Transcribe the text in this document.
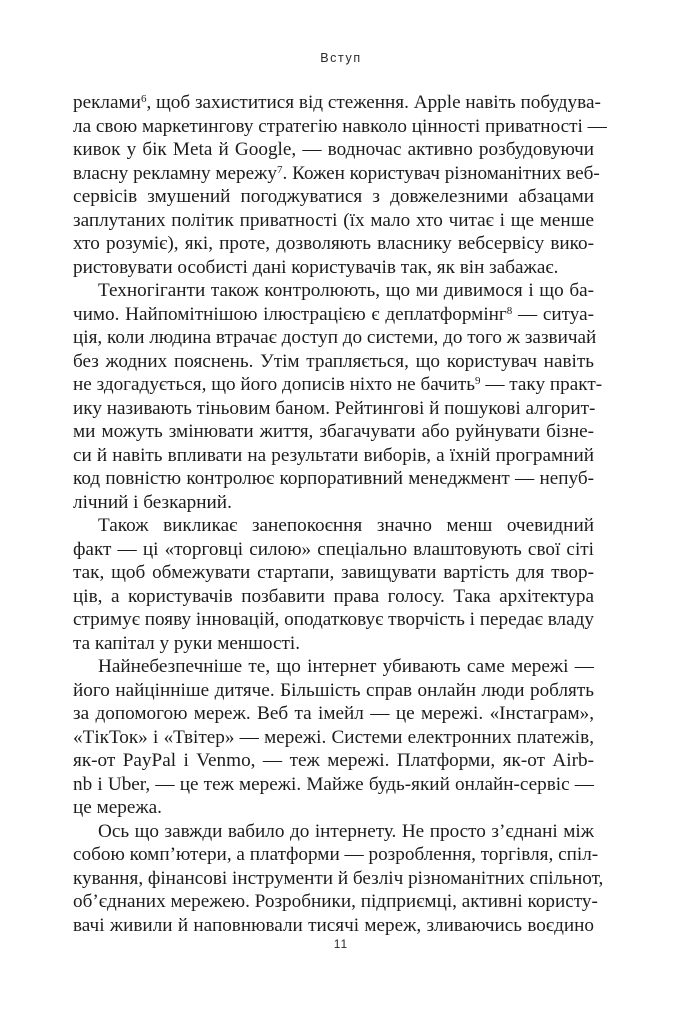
Вступ
реклами$^6$, щоб захиститися від стеження. Apple навіть побудува-
ла свою маркетингову стратегію навколо цінності приватності —
кивок у бік Meta й Google, — водночас активно розбудовуючи
власну рекламну мережу$^7$. Кожен користувач різноманітних веб-
сервісів змушений погоджуватися з довжелезними абзацами
заплутаних політик приватності (їх мало хто читає і ще менше
хто розуміє), які, проте, дозволяють власнику вебсервісу вико-
ристовувати особисті дані користувачів так, як він забажає.
Техногіганти також контролюють, що ми дивимося і що ба-
чимо. Найпомітнішою ілюстрацією є деплатформінг$^8$ — ситуа-
ція, коли людина втрачає доступ до системи, до того ж зазвичай
без жодних пояснень. Утім трапляється, що користувач навіть
не здогадується, що його дописів ніхто не бачить$^9$ — таку практ-
ику називають тіньовим баном. Рейтингові й пошукові алгорит-
ми можуть змінювати життя, збагачувати або руйнувати бізне-
си й навіть впливати на результати виборів, а їхній програмний
код повністю контролює корпоративний менеджмент — непуб-
лічний і безкарний.
Також викликає занепокоєння значно менш очевидний
факт — ці «торговці силою» спеціально влаштовують свої сіті
так, щоб обмежувати стартапи, завищувати вартість для твор-
ців, а користувачів позбавити права голосу. Така архітектура
стримує появу інновацій, оподатковує творчість і передає владу
та капітал у руки меншості.
Найнебезпечніше те, що інтернет убивають саме мережі —
його найцінніше дитяче. Більшість справ онлайн люди роблять
за допомогою мереж. Веб та імейл — це мережі. «Інстаграм»,
«ТікТок» і «Твітер» — мережі. Системи електронних платежів,
як-от PayPal і Venmo, — теж мережі. Платформи, як-от Airb-
nb і Uber, — це теж мережі. Майже будь-який онлайн-сервіс —
це мережа.
Ось що завжди вабило до інтернету. Не просто з’єднані між
собою комп’ютери, а платформи — розроблення, торгівля, спіл-
кування, фінансові інструменти й безліч різноманітних спільнот,
об’єднаних мережею. Розробники, підприємці, активні користу-
вачі живили й наповнювали тисячі мереж, зливаючись воєдино
11
